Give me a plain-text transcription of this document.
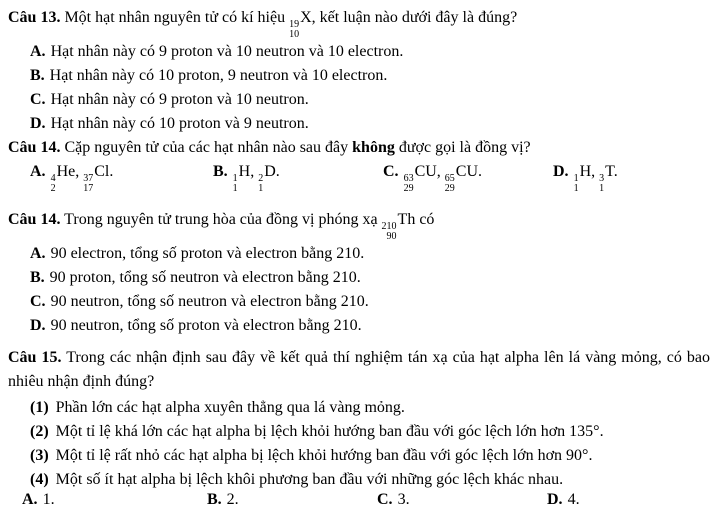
Câu 13. Một hạt nhân nguyên tử có kí hiệu 19
10
X, kết luận nào dưới đây là đúng?

A. Hạt nhân này có 9 proton và 10 neutron và 10 electron.

B. Hạt nhân này có 10 proton, 9 neutron và 10 electron.

C. Hạt nhân này có 9 proton và 10 neutron.

D. Hạt nhân này có 10 proton và 9 neutron.

Câu 14. Cặp nguyên tử của các hạt nhân nào sau đây không được gọi là đồng vị?

A. 4
2
He, 37
17
Cl.	B. 1
1
H, 2
1
D.	C. 63
29
CU, 65
29
CU.	D. 1
1
H, 3
1
T.

Câu 14. Trong nguyên tử trung hòa của đồng vị phóng xạ 210
90
Th có

A. 90 electron, tổng số proton và electron bằng 210.

B. 90 proton, tổng số neutron và electron bằng 210.

C. 90 neutron, tổng số neutron và electron bằng 210.

D. 90 neutron, tổng số proton và electron bằng 210.

Câu 15. Trong các nhận định sau đây về kết quả thí nghiệm tán xạ của hạt alpha lên lá vàng mỏng, có bao nhiêu nhận định đúng?

(1) Phần lớn các hạt alpha xuyên thẳng qua lá vàng mỏng.

(2) Một tỉ lệ khá lớn các hạt alpha bị lệch khỏi hướng ban đầu với góc lệch lớn hơn 135°.

(3) Một tỉ lệ rất nhỏ các hạt alpha bị lệch khỏi hướng ban đầu với góc lệch lớn hơn 90°.

(4) Một số ít hạt alpha bị lệch khôi phương ban đầu với những góc lệch khác nhau.

A. 1.	B. 2.	C. 3.	D. 4.
